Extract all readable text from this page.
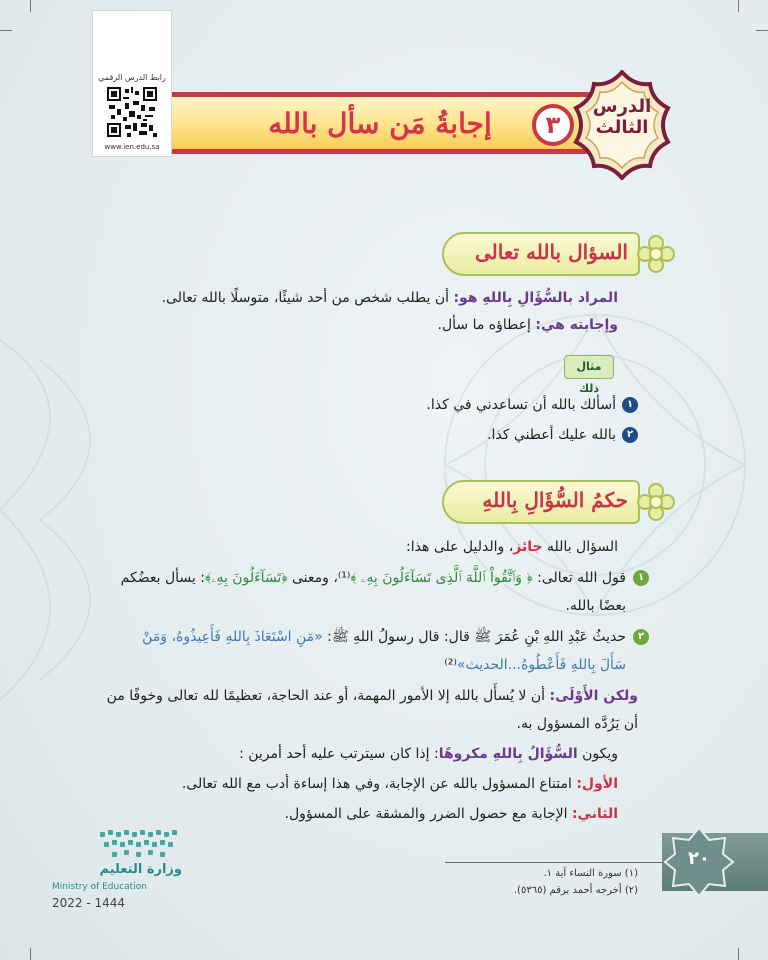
رابط الدرس الرقمي
www.ien.edu.sa
إجابةُ مَن سأل بالله	٣
الدرس
الثالث
السؤال بالله تعالى
المراد بالسُّؤَالِ بِاللهِ هو: أن يطلب شخص من أحد شيئًا، متوسلًا بالله تعالى.
وإجابته هي: إعطاؤه ما سأل.
مثال ذلك
١
أسألك بالله أن تساعدني في كذا.
٢
بالله عليك أعطني كذا.
حكمُ السُّؤَالِ بِاللهِ
السؤال بالله جائز، والدليل على هذا:
١
قول الله تعالى: ﴿ وَٱتَّقُواْ ٱللَّهَ ٱلَّذِى تَسَآءَلُونَ بِهِۦ ﴾⁽¹⁾، ومعنى ﴿تَسَآءَلُونَ بِهِۦ﴾: يسأل بعضُكم
بعضًا بالله.
٢
حديثُ عَبْدِ اللهِ بْنِ عُمَرَ ﷺ قال: قال رسولُ اللهِ ﷺ: «مَنِ اسْتَعَاذَ بِاللهِ فَأَعِيذُوهُ، وَمَنْ
سَأَلَ بِاللهِ فَأَعْطُوهُ...الحديث»⁽²⁾
ولكن الأَوْلَى: أن لا يُسأَل بالله إلا الأمور المهمة، أو عند الحاجة، تعظيمًا لله تعالى وخوفًا من
أن يَرُدَّه المسؤول به.
ويكون السُّؤَالُ بِاللهِ مكروهًا: إذا كان سيترتب عليه أحد أمرين :
الأول: امتناع المسؤول بالله عن الإجابة، وفي هذا إساءة أدب مع الله تعالى.
الثاني: الإجابة مع حصول الضرر والمشقة على المسؤول.
(١) سورة النساء آية ١.
(٢) أخرجه أحمد برقم (٥٣٦٥).
٢٠
وزارة التعليم
Ministry of Education
2022 - 1444
